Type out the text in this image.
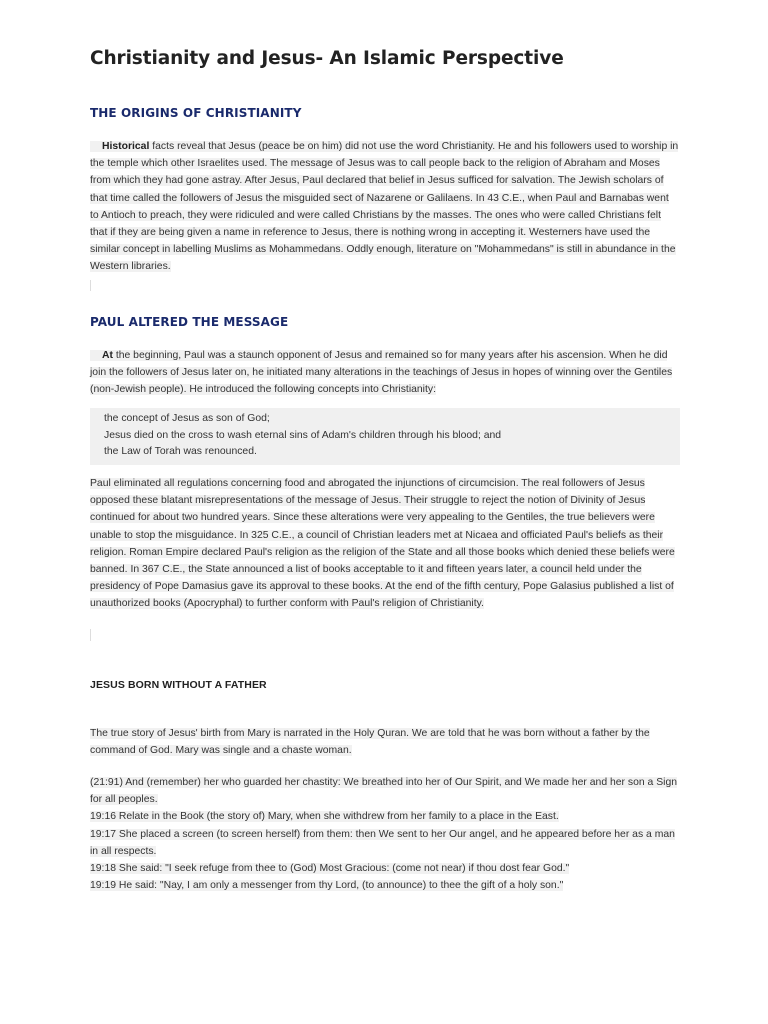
Christianity and Jesus- An Islamic Perspective
THE ORIGINS OF CHRISTIANITY

Historical facts reveal that Jesus (peace be on him) did not use the word Christianity. He and his followers used to worship in the temple which other Israelites used. The message of Jesus was to call people back to the religion of Abraham and Moses from which they had gone astray. After Jesus, Paul declared that belief in Jesus sufficed for salvation. The Jewish scholars of that time called the followers of Jesus the misguided sect of Nazarene or Galilaens. In 43 C.E., when Paul and Barnabas went to Antioch to preach, they were ridiculed and were called Christians by the masses. The ones who were called Christians felt that if they are being given a name in reference to Jesus, there is nothing wrong in accepting it. Westerners have used the similar concept in labelling Muslims as Mohammedans. Oddly enough, literature on "Mohammedans" is still in abundance in the Western libraries.

PAUL ALTERED THE MESSAGE

At the beginning, Paul was a staunch opponent of Jesus and remained so for many years after his ascension. When he did join the followers of Jesus later on, he initiated many alterations in the teachings of Jesus in hopes of winning over the Gentiles (non-Jewish people). He introduced the following concepts into Christianity:

the concept of Jesus as son of God;

Jesus died on the cross to wash eternal sins of Adam's children through his blood; and

the Law of Torah was renounced.

Paul eliminated all regulations concerning food and abrogated the injunctions of circumcision. The real followers of Jesus opposed these blatant misrepresentations of the message of Jesus. Their struggle to reject the notion of Divinity of Jesus continued for about two hundred years. Since these alterations were very appealing to the Gentiles, the true believers were unable to stop the misguidance. In 325 C.E., a council of Christian leaders met at Nicaea and officiated Paul's beliefs as their religion. Roman Empire declared Paul's religion as the religion of the State and all those books which denied these beliefs were banned. In 367 C.E., the State announced a list of books acceptable to it and fifteen years later, a council held under the presidency of Pope Damasius gave its approval to these books. At the end of the fifth century, Pope Galasius published a list of unauthorized books (Apocryphal) to further conform with Paul's religion of Christianity.

JESUS BORN WITHOUT A FATHER

The true story of Jesus' birth from Mary is narrated in the Holy Quran. We are told that he was born without a father by the command of God. Mary was single and a chaste woman.

(21:91) And (remember) her who guarded her chastity: We breathed into her of Our Spirit, and We made her and her son a Sign for all peoples.
19:16 Relate in the Book (the story of) Mary, when she withdrew from her family to a place in the East.
19:17 She placed a screen (to screen herself) from them: then We sent to her Our angel, and he appeared before her as a man in all respects.
19:18 She said: "I seek refuge from thee to (God) Most Gracious: (come not near) if thou dost fear God."
19:19 He said: "Nay, I am only a messenger from thy Lord, (to announce) to thee the gift of a holy son."
